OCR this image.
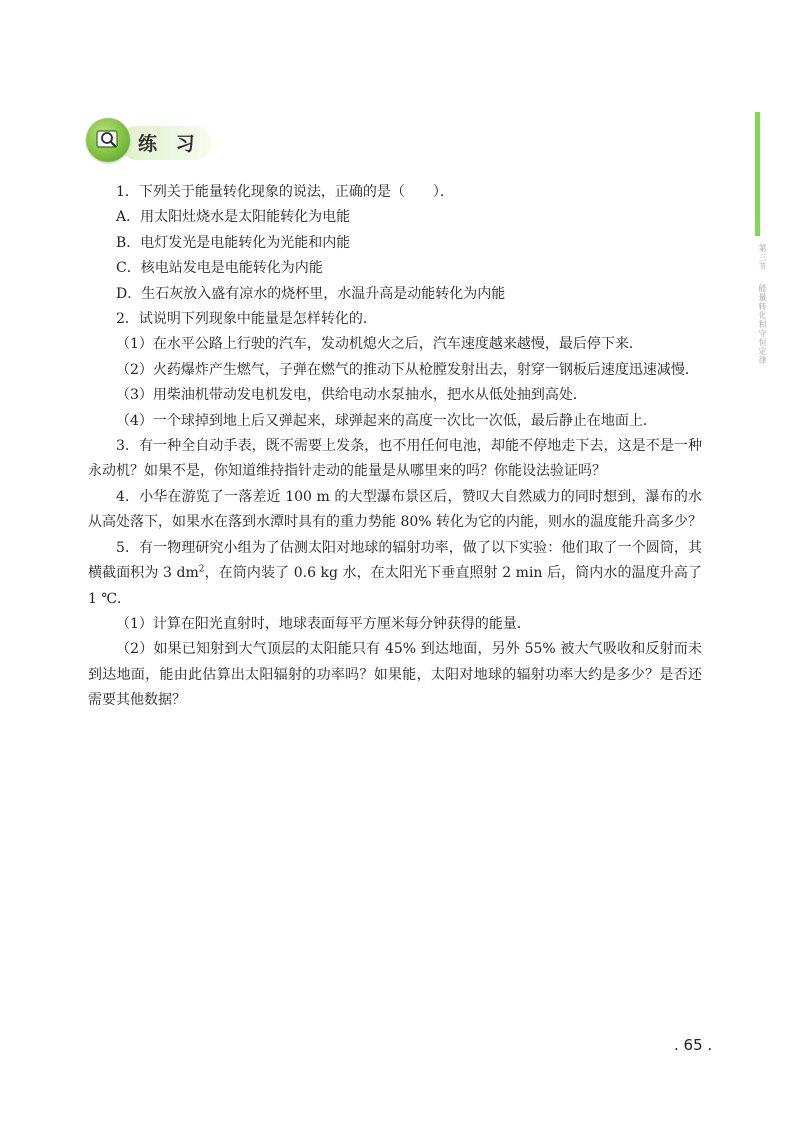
练 习
第三节
能量转化和守恒定律

1．下列关于能量转化现象的说法，正确的是（　　）．

A．用太阳灶烧水是太阳能转化为电能

B．电灯发光是电能转化为光能和内能

C．核电站发电是电能转化为内能

D．生石灰放入盛有凉水的烧杯里，水温升高是动能转化为内能

2．试说明下列现象中能量是怎样转化的．

（1）在水平公路上行驶的汽车，发动机熄火之后，汽车速度越来越慢，最后停下来．

（2）火药爆炸产生燃气，子弹在燃气的推动下从枪膛发射出去，射穿一钢板后速度迅速减慢．

（3）用柴油机带动发电机发电，供给电动水泵抽水，把水从低处抽到高处．

（4）一个球掉到地上后又弹起来，球弹起来的高度一次比一次低，最后静止在地面上．

3．有一种全自动手表，既不需要上发条，也不用任何电池，却能不停地走下去，这是不是一种永动机？如果不是，你知道维持指针走动的能量是从哪里来的吗？你能设法验证吗？

4．小华在游览了一落差近 100 m 的大型瀑布景区后，赞叹大自然威力的同时想到，瀑布的水从高处落下，如果水在落到水潭时具有的重力势能 80% 转化为它的内能，则水的温度能升高多少？

5．有一物理研究小组为了估测太阳对地球的辐射功率，做了以下实验：他们取了一个圆筒，其横截面积为 3 $dm^2$，在筒内装了 0.6 kg 水，在太阳光下垂直照射 2 min 后，筒内水的温度升高了 1 ℃．

（1）计算在阳光直射时，地球表面每平方厘米每分钟获得的能量．

（2）如果已知射到大气顶层的太阳能只有 45% 到达地面，另外 55% 被大气吸收和反射而未到达地面，能由此估算出太阳辐射的功率吗？如果能，太阳对地球的辐射功率大约是多少？是否还需要其他数据？

. 65 .
